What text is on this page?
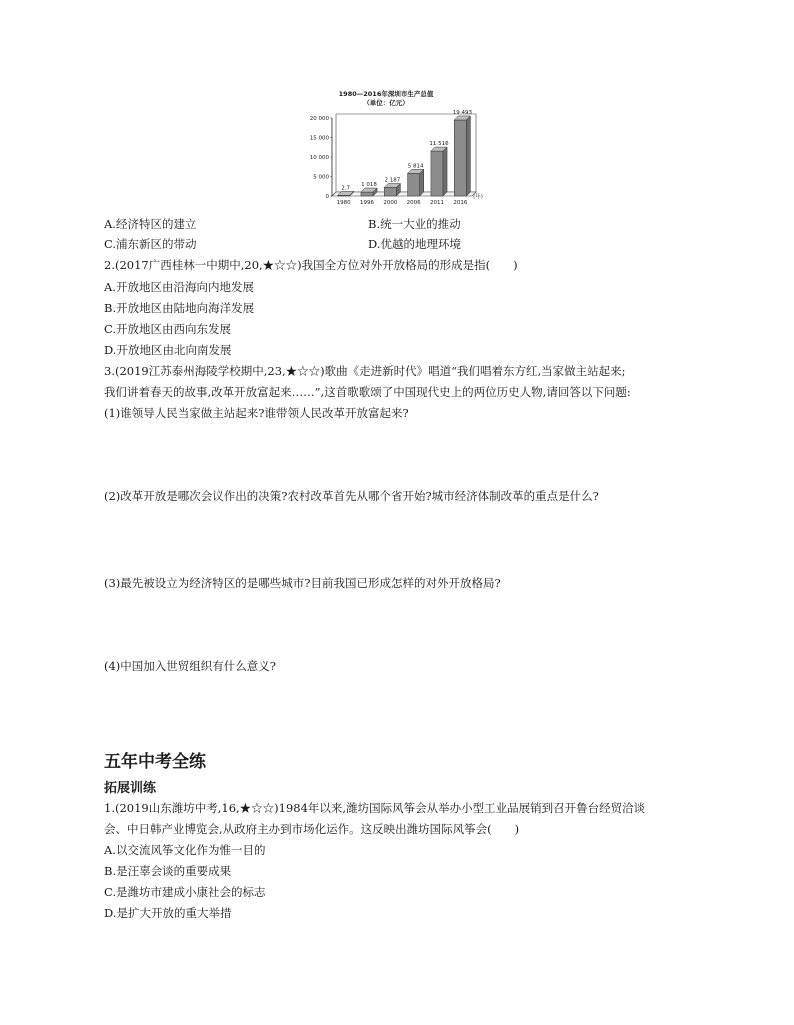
1980—2016年深圳市生产总值
（单位：亿元）
0
5 000
10 000
15 000
20 000
2.7
1980
1 018
1996
2 187
2000
5 814
2006
11 516
2011
19 493
2016
(年)
A.经济特区的建立	B.统一大业的推动
C.浦东新区的带动	D.优越的地理环境
2.(2017广西桂林一中期中,20,★☆☆)我国全方位对外开放格局的形成是指(　　)
A.开放地区由沿海向内地发展
B.开放地区由陆地向海洋发展
C.开放地区由西向东发展
D.开放地区由北向南发展
3.(2019江苏泰州海陵学校期中,23,★☆☆)歌曲《走进新时代》唱道“我们唱着东方红,当家做主站起来;
我们讲着春天的故事,改革开放富起来……”,这首歌歌颂了中国现代史上的两位历史人物,请回答以下问题:
(1)谁领导人民当家做主站起来?谁带领人民改革开放富起来?
(2)改革开放是哪次会议作出的决策?农村改革首先从哪个省开始?城市经济体制改革的重点是什么?
(3)最先被设立为经济特区的是哪些城市?目前我国已形成怎样的对外开放格局?
(4)中国加入世贸组织有什么意义?
五年中考全练
拓展训练
1.(2019山东潍坊中考,16,★☆☆)1984年以来,潍坊国际风筝会从举办小型工业品展销到召开鲁台经贸洽谈
会、中日韩产业博览会,从政府主办到市场化运作。这反映出潍坊国际风筝会(　　)
A.以交流风筝文化作为惟一目的
B.是汪辜会谈的重要成果
C.是潍坊市建成小康社会的标志
D.是扩大开放的重大举措
